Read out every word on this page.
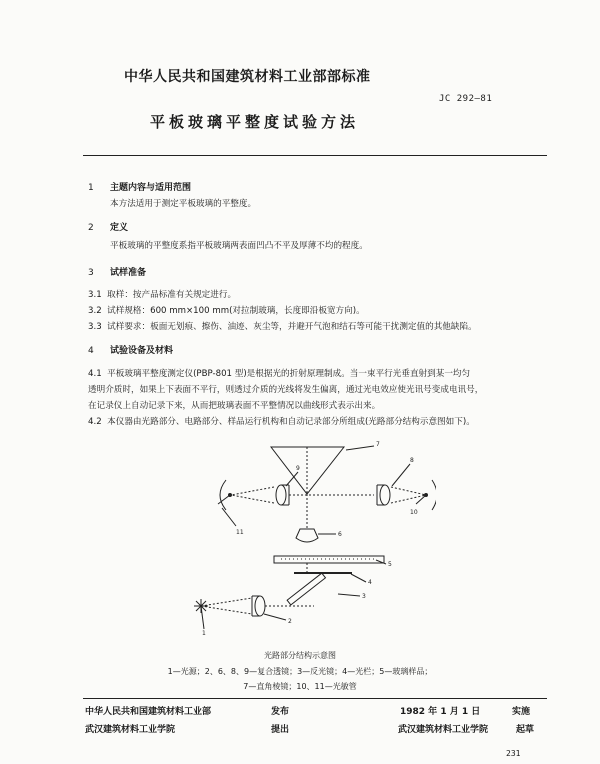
中华人民共和国建筑材料工业部部标准
JC 292—81
平板玻璃平整度试验方法
1 主题内容与适用范围
本方法适用于测定平板玻璃的平整度。
2 定义
平板玻璃的平整度系指平板玻璃两表面凹凸不平及厚薄不均的程度。
3 试样准备
3.1 取样：按产品标准有关规定进行。
3.2 试样规格：600 mm×100 mm(对拉制玻璃，长度即沿板宽方向)。
3.3 试样要求：板面无划痕、擦伤、油迹、灰尘等，并避开气泡和结石等可能干扰测定值的其他缺陷。
4 试验设备及材料
4.1 平板玻璃平整度测定仪(PBP-801 型)是根据光的折射原理制成。当一束平行光垂直射到某一均匀
透明介质时，如果上下表面不平行，则透过介质的光线将发生偏离，通过光电效应使光讯号变成电讯号，
在记录仪上自动记录下来，从而把玻璃表面不平整情况以曲线形式表示出来。
4.2 本仪器由光路部分、电路部分、样品运行机构和自动记录部分所组成(光路部分结构示意图如下)。
1
2
3
4
5
6
7
8
9
10
11
光路部分结构示意图
1—光源；2、6、8、9—复合透镜；3—反光镜；4—光栏；5—玻璃样品；
7—直角棱镜；10、11—光敏管
中华人民共和国建筑材料工业部	发布	1982 年 1 月 1 日	实施
武汉建筑材料工业学院	提出	武汉建筑材料工业学院	起草
231
